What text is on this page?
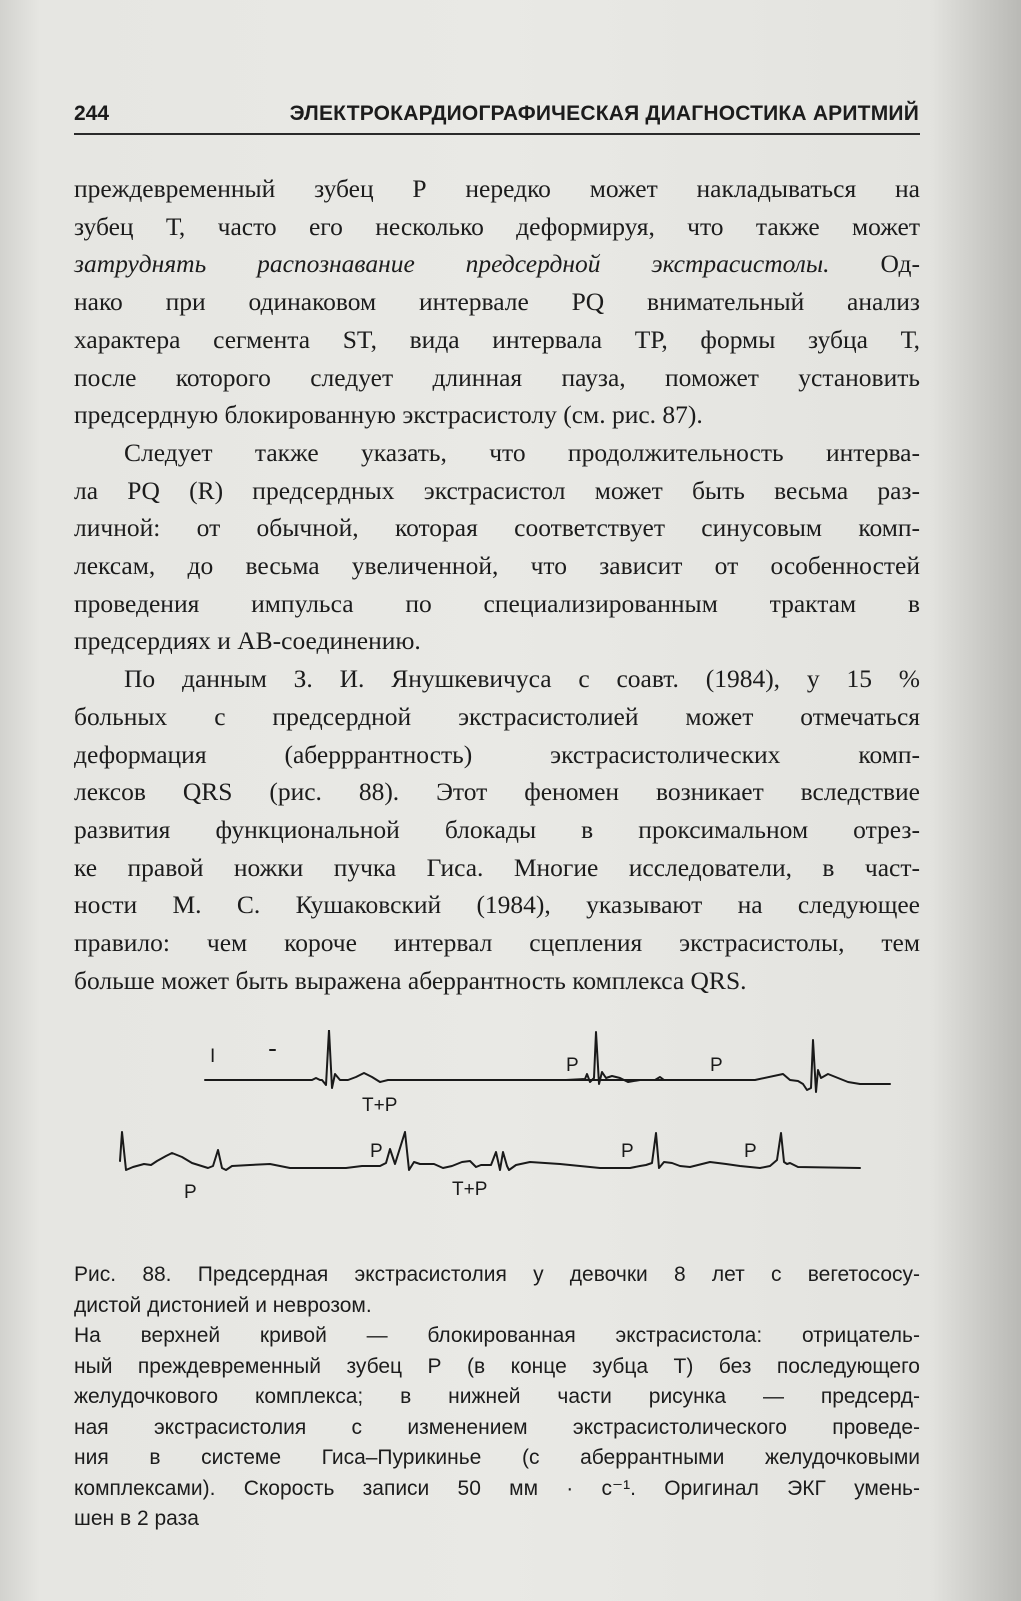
244	ЭЛЕКТРОКАРДИОГРАФИЧЕСКАЯ ДИАГНОСТИКА АРИТМИЙ

преждевременный зубец Р нередко может накладываться на

зубец Т, часто его несколько деформируя, что также может

затруднять распознавание предсердной экстрасистолы. Од-

нако при одинаковом интервале PQ внимательный анализ

характера сегмента ST, вида интервала ТР, формы зубца Т,

после которого следует длинная пауза, поможет установить

предсердную блокированную экстрасистолу (см. рис. 87).

Следует также указать, что продолжительность интерва-

ла PQ (R) предсердных экстрасистол может быть весьма раз-

личной: от обычной, которая соответствует синусовым комп-

лексам, до весьма увеличенной, что зависит от особенностей

проведения импульса по специализированным трактам в

предсердиях и АВ-соединению.

По данным З. И. Янушкевичуса с соавт. (1984), у 15 %

больных с предсердной экстрасистолией может отмечаться

деформация (аберррантность) экстрасистолических комп-

лексов QRS (рис. 88). Этот феномен возникает вследствие

развития функциональной блокады в проксимальном отрез-

ке правой ножки пучка Гиса. Многие исследователи, в част-

ности М. С. Кушаковский (1984), указывают на следующее

правило: чем короче интервал сцепления экстрасистолы, тем

больше может быть выражена аберрантность комплекса QRS.

I
T+P
P	P
P
P
T+P
P	P

Рис. 88. Предсердная экстрасистолия у девочки 8 лет с вегетососу-

дистой дистонией и неврозом.

На верхней кривой — блокированная экстрасистола: отрицатель-

ный преждевременный зубец Р (в конце зубца Т) без последующего

желудочкового комплекса; в нижней части рисунка — предсерд-

ная экстрасистолия с изменением экстрасистолического проведе-

ния в системе Гиса–Пурикинье (с аберрантными желудочковыми

комплексами). Скорость записи 50 мм · с⁻¹. Оригинал ЭКГ умень-

шен в 2 раза
